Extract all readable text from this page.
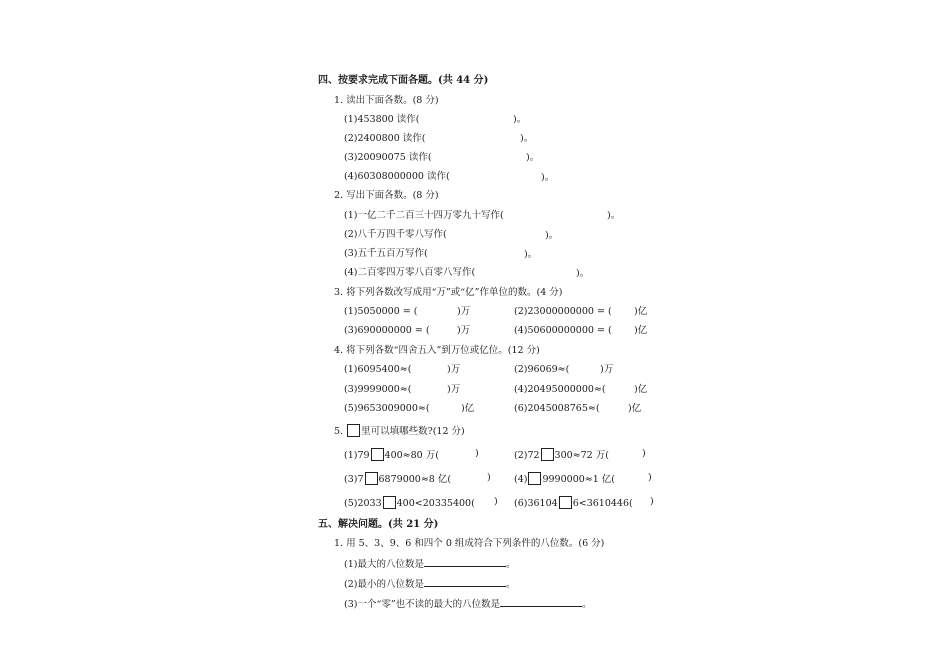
四、按要求完成下面各题。(共 44 分)
1. 读出下面各数。(8 分)
(1)453800 读作(	)。
(2)2400800 读作(	)。
(3)20090075 读作(	)。
(4)60308000000 读作(	)。
2. 写出下面各数。(8 分)
(1)一亿二千二百三十四万零九十写作(	)。
(2)八千万四千零八写作(	)。
(3)五千五百万写作(	)。
(4)二百零四万零八百零八写作(	)。
3. 将下列各数改写成用“万”或“亿”作单位的数。(4 分)
(1)5050000 = (	)万	(2)23000000000 = ( )亿
(3)690000000 = (	)万	(4)50600000000 = ( )亿
4. 将下列各数“四舍五入”到万位或亿位。(12 分)
(1)6095400≈(	)万	(2)96069≈(	)万
(3)9999000≈(	)万	(4)20495000000≈(	)亿
(5)9653009000≈(	)亿	(6)2045008765≈(	)亿
5. 里可以填哪些数?(12 分)
(1)79 400≈80 万(	)	(2)72 300≈72 万(	)
(3)7 6879000≈8 亿(	) (4) 9990000≈1 亿(	)
(5)2033 400<20335400( ) (6)36104 6<3610446( )
五、解决问题。(共 21 分)
1. 用 5、3、9、6 和四个 0 组成符合下列条件的八位数。(6 分)
(1)最大的八位数是	。
(2)最小的八位数是	。
(3)一个“零”也不读的最大的八位数是	。
